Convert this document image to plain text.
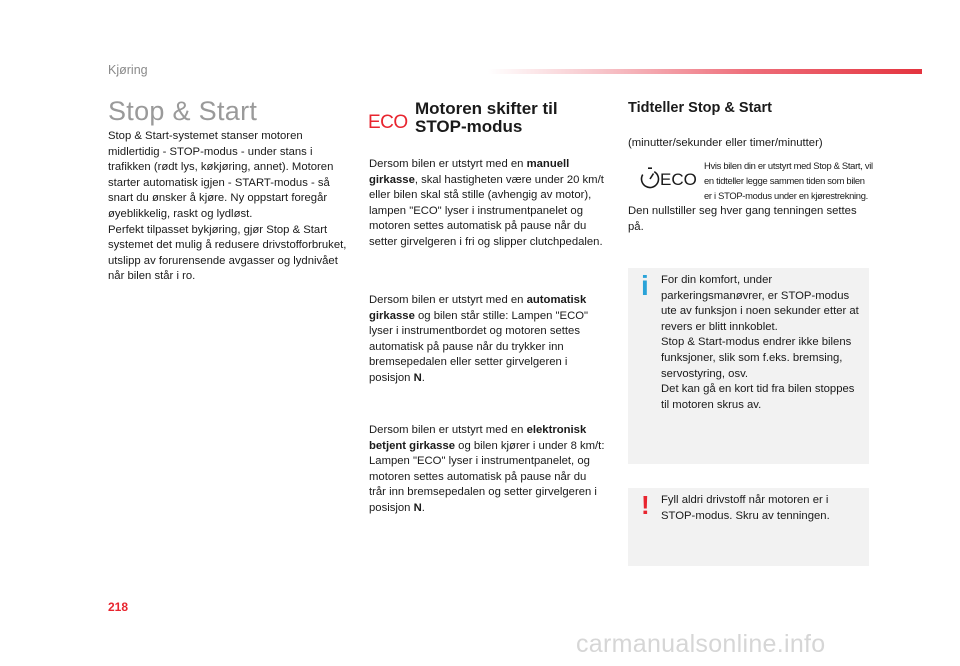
Kjøring
Stop & Start
Stop & Start-systemet stanser motoren
midlertidig - STOP-modus - under stans i
trafikken (rødt lys, køkjøring, annet). Motoren
starter automatisk igjen - START-modus - så
snart du ønsker å kjøre. Ny oppstart foregår
øyeblikkelig, raskt og lydløst.
Perfekt tilpasset bykjøring, gjør Stop & Start
systemet det mulig å redusere drivstofforbruket,
utslipp av forurensende avgasser og lydnivået
når bilen står i ro.
ECO
Motoren skifter til
STOP-modus
Dersom bilen er utstyrt med en manuell
girkasse, skal hastigheten være under 20 km/t
eller bilen skal stå stille (avhengig av motor),
lampen "ECO" lyser i instrumentpanelet og
motoren settes automatisk på pause når du
setter girvelgeren i fri og slipper clutchpedalen.
Dersom bilen er utstyrt med en automatisk
girkasse og bilen står stille: Lampen "ECO"
lyser i instrumentbordet og motoren settes
automatisk på pause når du trykker inn
bremsepedalen eller setter girvelgeren i
posisjon N.
Dersom bilen er utstyrt med en elektronisk
betjent girkasse og bilen kjører i under 8 km/t:
Lampen "ECO" lyser i instrumentpanelet, og
motoren settes automatisk på pause når du
trår inn bremsepedalen og setter girvelgeren i
posisjon N.
Tidteller Stop & Start
(minutter/sekunder eller timer/minutter)
ECO
Hvis bilen din er utstyrt med Stop & Start, vil
en tidteller legge sammen tiden som bilen
er i STOP-modus under en kjørestrekning.
Den nullstiller seg hver gang tenningen settes
på.
i For din komfort, under
parkeringsmanøvrer, er STOP-modus
ute av funksjon i noen sekunder etter at
revers er blitt innkoblet.
Stop & Start-modus endrer ikke bilens
funksjoner, slik som f.eks. bremsing,
servostyring, osv.
Det kan gå en kort tid fra bilen stoppes
til motoren skrus av.
! Fyll aldri drivstoff når motoren er i
STOP-modus. Skru av tenningen.
218
carmanualsonline.info
